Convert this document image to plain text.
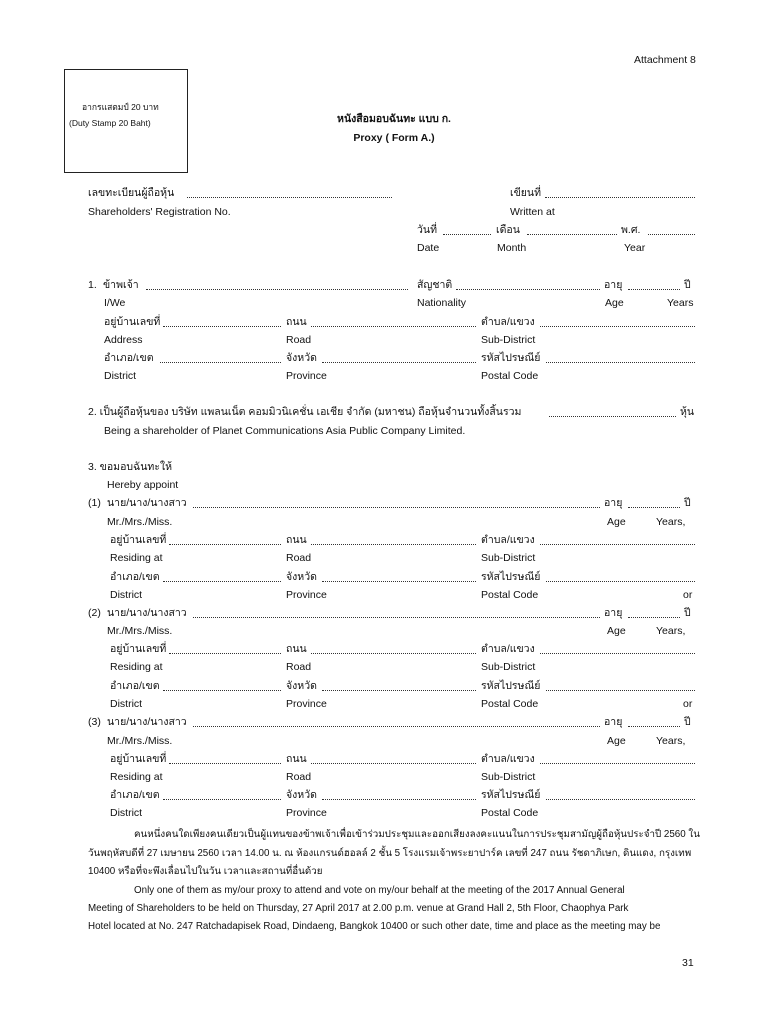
Attachment 8
อากรแสตมป์ 20 บาท
(Duty Stamp 20 Baht)	หนังสือมอบฉันทะ แบบ ก.
Proxy ( Form A.)
เลขทะเบียนผู้ถือหุ้น	เขียนที่
Shareholders' Registration No.	Written at
วันที่	เดือน	พ.ศ.
Date	Month	Year
1. ข้าพเจ้า	สัญชาติ	อายุ	ปี
I/We	Nationality	Age	Years
อยู่บ้านเลขที่	ถนน	ตำบล/แขวง
Address	Road	Sub-District
อำเภอ/เขต	จังหวัด	รหัสไปรษณีย์
District	Province	Postal Code
2. เป็นผู้ถือหุ้นของ บริษัท แพลนเน็ต คอมมิวนิเคชั่น เอเชีย จำกัด (มหาชน) ถือหุ้นจำนวนทั้งสิ้นรวม	หุ้น
Being a shareholder of Planet Communications Asia Public Company Limited.
3. ขอมอบฉันทะให้
Hereby appoint
(1) นาย/นาง/นางสาว	อายุ	ปี
Mr./Mrs./Miss.	Age	Years,
อยู่บ้านเลขที่	ถนน	ตำบล/แขวง
Residing at	Road	Sub-District
อำเภอ/เขต	จังหวัด	รหัสไปรษณีย์
District	Province	Postal Code	or
(2) นาย/นาง/นางสาว	อายุ	ปี
Mr./Mrs./Miss.	Age	Years,
อยู่บ้านเลขที่	ถนน	ตำบล/แขวง
Residing at	Road	Sub-District
อำเภอ/เขต	จังหวัด	รหัสไปรษณีย์
District	Province	Postal Code	or
(3) นาย/นาง/นางสาว	อายุ	ปี
Mr./Mrs./Miss.	Age	Years,
อยู่บ้านเลขที่	ถนน	ตำบล/แขวง
Residing at	Road	Sub-District
อำเภอ/เขต	จังหวัด	รหัสไปรษณีย์
District	Province	Postal Code
คนหนึ่งคนใดเพียงคนเดียวเป็นผู้แทนของข้าพเจ้าเพื่อเข้าร่วมประชุมและออกเสียงลงคะแนนในการประชุมสามัญผู้ถือหุ้นประจำปี 2560 ใน
วันพฤหัสบดีที่ 27 เมษายน 2560 เวลา 14.00 น. ณ ห้องแกรนด์ฮอลล์ 2 ชั้น 5 โรงแรมเจ้าพระยาปาร์ค เลขที่ 247 ถนน รัชดาภิเษก, ดินแดง, กรุงเทพ
10400 หรือที่จะพึงเลื่อนไปในวัน เวลาและสถานที่อื่นด้วย
Only one of them as my/our proxy to attend and vote on my/our behalf at the meeting of the 2017 Annual General
Meeting of Shareholders to be held on Thursday, 27 April 2017 at 2.00 p.m. venue at Grand Hall 2, 5th Floor, Chaophya Park
Hotel located at No. 247 Ratchadapisek Road, Dindaeng, Bangkok 10400 or such other date, time and place as the meeting may be
31
